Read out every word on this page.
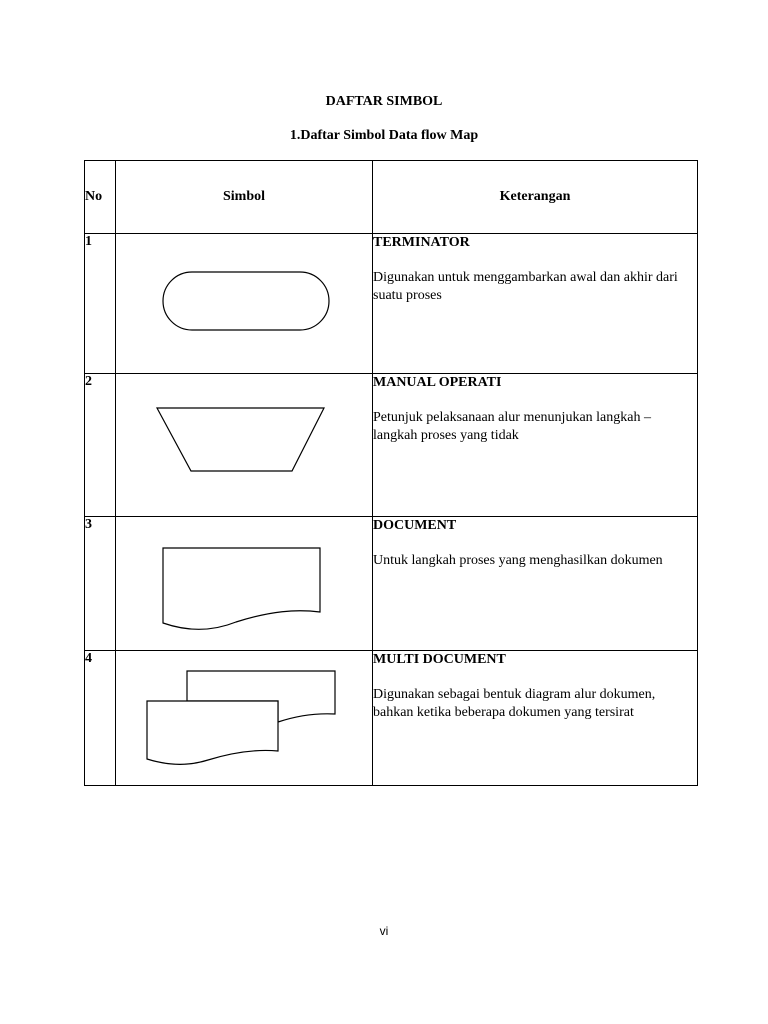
DAFTAR SIMBOL
1.Daftar Simbol Data flow Map
No	Simbol	Keterangan
1		TERMINATOR

Digunakan untuk menggambarkan awal dan akhir dari suatu proses

2		MANUAL OPERATI

Petunjuk pelaksanaan alur menunjukan langkah – langkah proses yang tidak

3		DOCUMENT

Untuk langkah proses yang menghasilkan dokumen

4		MULTI DOCUMENT

Digunakan sebagai bentuk diagram alur dokumen, bahkan ketika beberapa dokumen yang tersirat

vi
